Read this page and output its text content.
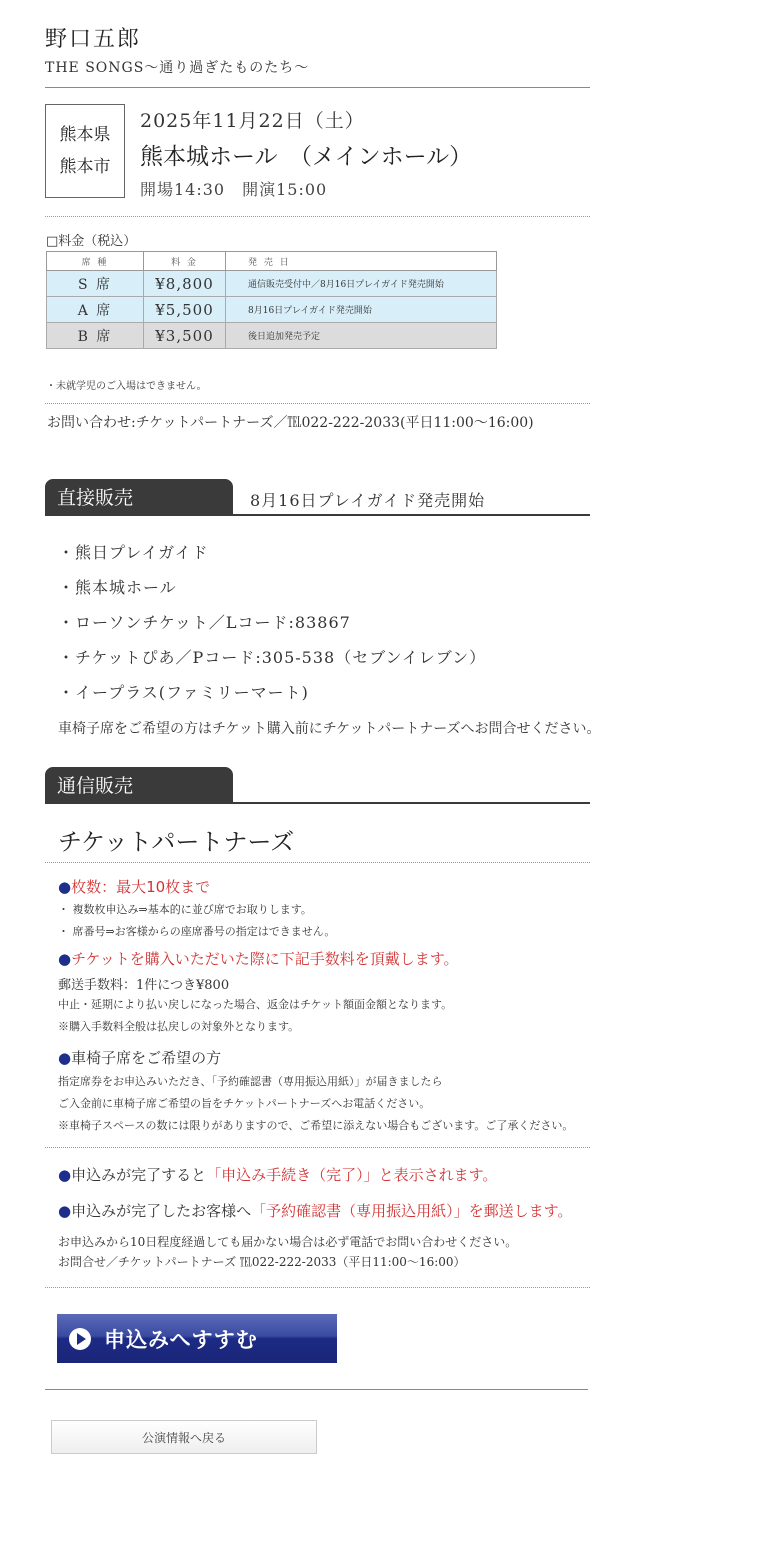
野口五郎
THE SONGS～通り過ぎたものたち～
熊本県
熊本市
2025年11月22日（土）
熊本城ホール　（メインホール）
開場14:30　開演15:00
□料金（税込）
席 種	料 金	発 売 日
S 席	¥8,800	通信販売受付中／8月16日プレイガイド発売開始
A 席	¥5,500	8月16日プレイガイド発売開始
B 席	¥3,500	後日追加発売予定
・未就学児のご入場はできません。
お問い合わせ:チケットパートナーズ／℡022-222-2033(平日11:00～16:00)
直接販売	8月16日プレイガイド発売開始
・熊日プレイガイド
・熊本城ホール
・ローソンチケット／Lコード:83867
・チケットぴあ／Pコード:305-538（セブンイレブン）
・イープラス(ファミリーマート)
車椅子席をご希望の方はチケット購入前にチケットパートナーズへお問合せください。
通信販売
チケットパートナーズ
●枚数：最大10枚まで
・ 複数枚申込み⇒基本的に並び席でお取りします。
・ 席番号⇒お客様からの座席番号の指定はできません。
●チケットを購入いただいた際に下記手数料を頂戴します。
郵送手数料：1件につき¥800
中止・延期により払い戻しになった場合、返金はチケット額面金額となります。
※購入手数料全般は払戻しの対象外となります。
●車椅子席をご希望の方
指定席券をお申込みいただき、「予約確認書（専用振込用紙）」が届きましたら
ご入金前に車椅子席ご希望の旨をチケットパートナーズへお電話ください。
※車椅子スペースの数には限りがありますので、ご希望に添えない場合もございます。ご了承ください。
●申込みが完了すると「申込み手続き（完了）」と表示されます。
●申込みが完了したお客様へ「予約確認書（専用振込用紙）」を郵送します。
お申込みから10日程度経過しても届かない場合は必ず電話でお問い合わせください。
お問合せ／チケットパートナーズ ℡022-222-2033（平日11:00～16:00）
申込みへすすむ
公演情報へ戻る
